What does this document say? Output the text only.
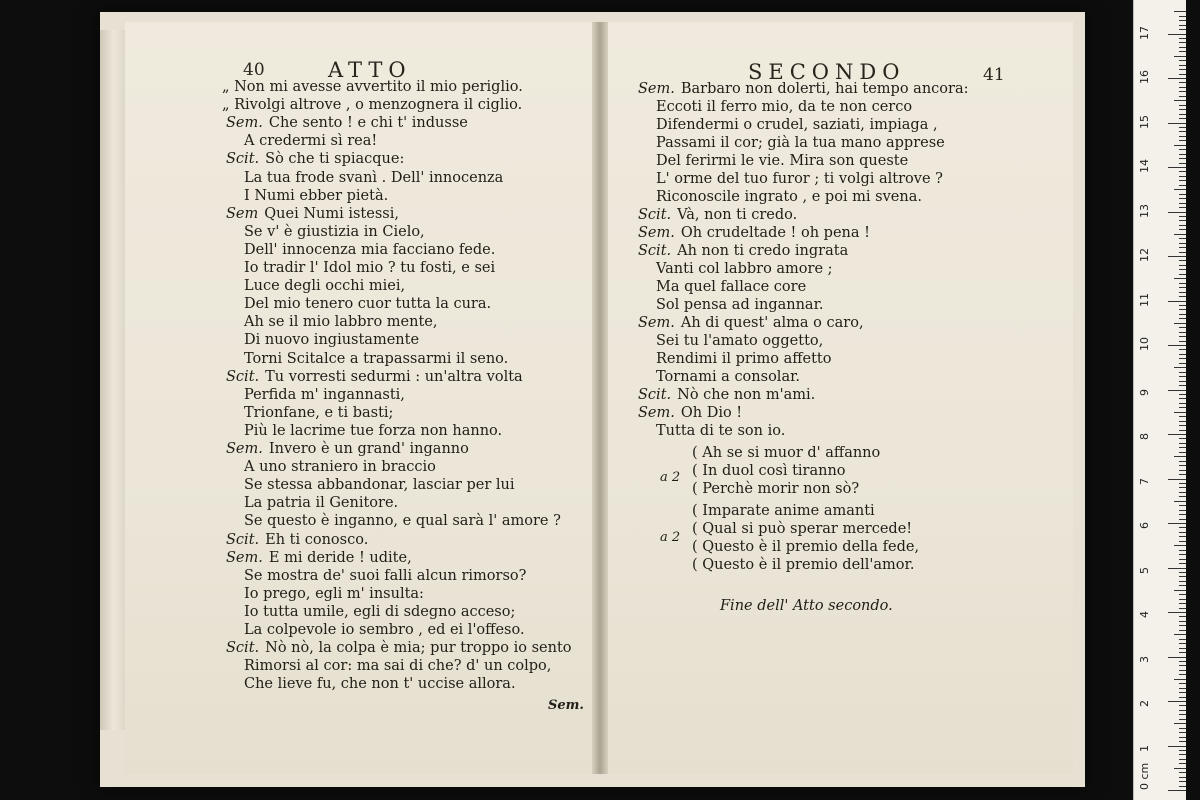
40	ATTO
„ Non mi avesse avvertito il mio periglio.
„ Rivolgi altrove , o menzognera il ciglio.
Sem. Che sento ! e chi t' indusse
A credermi sì rea!
Scit. Sò che ti spiacque:
La tua frode svanì . Dell' innocenza
I Numi ebber pietà.
Sem Quei Numi istessi,
Se v' è giustizia in Cielo,
Dell' innocenza mia facciano fede.
Io tradir l' Idol mio ? tu fosti, e sei
Luce degli occhi miei,
Del mio tenero cuor tutta la cura.
Ah se il mio labbro mente,
Di nuovo ingiustamente
Torni Scitalce a trapassarmi il seno.
Scit. Tu vorresti sedurmi : un'altra volta
Perfida m' ingannasti,
Trionfane, e ti basti;
Più le lacrime tue forza non hanno.
Sem. Invero è un grand' inganno
A uno straniero in braccio
Se stessa abbandonar, lasciar per lui
La patria il Genitore.
Se questo è inganno, e qual sarà l' amore ?
Scit. Eh ti conosco.
Sem. E mi deride ! udite,
Se mostra de' suoi falli alcun rimorso?
Io prego, egli m' insulta:
Io tutta umile, egli di sdegno acceso;
La colpevole io sembro , ed ei l'offeso.
Scit. Nò nò, la colpa è mia; pur troppo io sento
Rimorsi al cor: ma sai di che? d' un colpo,
Che lieve fu, che non t' uccise allora.
Sem.
SECONDO	41
Sem. Barbaro non dolerti, hai tempo ancora:
Eccoti il ferro mio, da te non cerco
Difendermi o crudel, saziati, impiaga ,
Passami il cor; già la tua mano apprese
Del ferirmi le vie. Mira son queste
L' orme del tuo furor ; ti volgi altrove ?
Riconoscile ingrato , e poi mi svena.
Scit. Và, non ti credo.
Sem. Oh crudeltade ! oh pena !
Scit. Ah non ti credo ingrata
Vanti col labbro amore ;
Ma quel fallace core
Sol pensa ad ingannar.
Sem. Ah di quest' alma o caro,
Sei tu l'amato oggetto,
Rendimi il primo affetto
Tornami a consolar.
Scit. Nò che non m'ami.
Sem. Oh Dio !
Tutta di te son io.
a 2
a 2
( Ah se si muor d' affanno
( In duol così tiranno
( Perchè morir non sò?
( Imparate anime amanti
( Qual si può sperar mercede!
( Questo è il premio della fede,
( Questo è il premio dell'amor.
Fine dell' Atto secondo.
0 cm
1
2
3
4
5
6
7
8
9
10
11
12
13
14
15
16
17
